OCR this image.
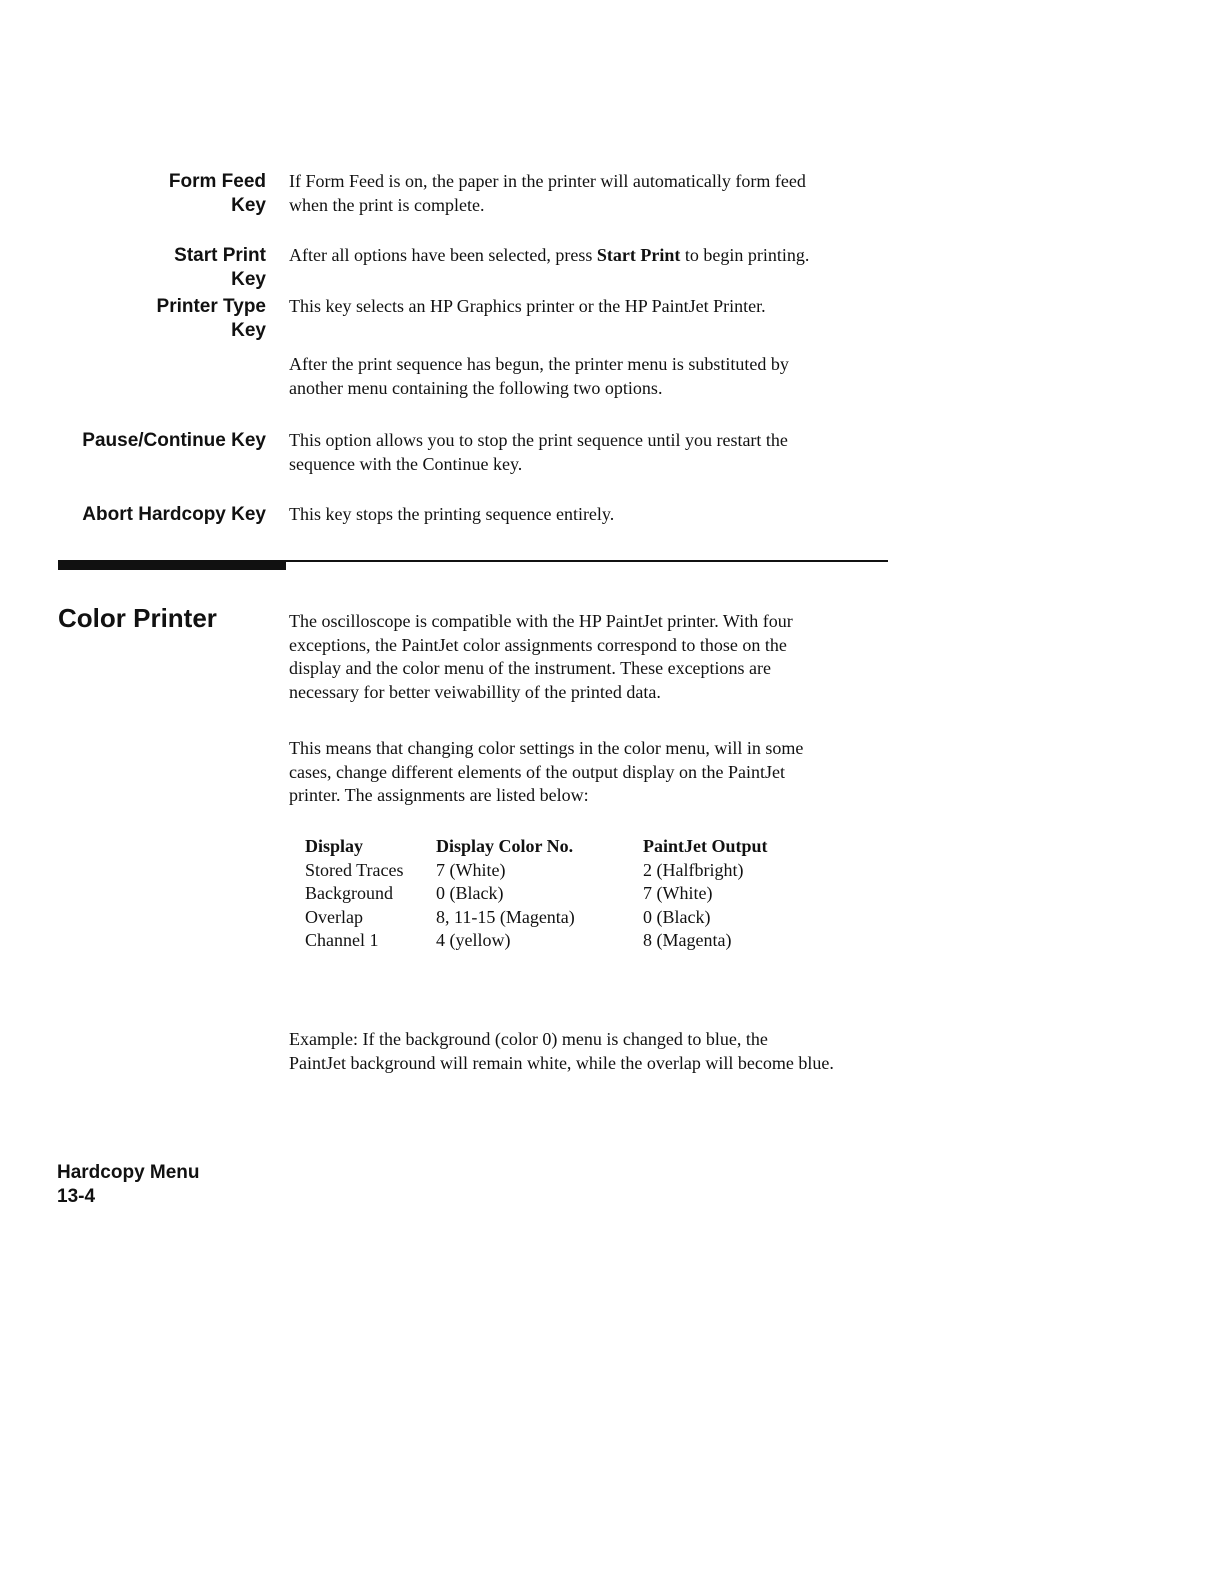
Form Feed
Key
If Form Feed is on, the paper in the printer will automatically form feed
when the print is complete.
Start Print
Key
After all options have been selected, press Start Print to begin printing.
Printer Type
Key
This key selects an HP Graphics printer or the HP PaintJet Printer.
After the print sequence has begun, the printer menu is substituted by
another menu containing the following two options.
Pause/Continue Key This option allows you to stop the print sequence until you restart the
sequence with the Continue key.
Abort Hardcopy Key This key stops the printing sequence entirely.
Color Printer	The oscilloscope is compatible with the HP PaintJet printer. With four
exceptions, the PaintJet color assignments correspond to those on the
display and the color menu of the instrument. These exceptions are
necessary for better veiwabillity of the printed data.
This means that changing color settings in the color menu, will in some
cases, change different elements of the output display on the PaintJet
printer. The assignments are listed below:
Display	Display Color No.	PaintJet Output
Stored Traces	7 (White)	2 (Halfbright)
Background	0 (Black)	7 (White)
Overlap	8, 11-15 (Magenta)	0 (Black)
Channel 1	4 (yellow)	8 (Magenta)
Example: If the background (color 0) menu is changed to blue, the
PaintJet background will remain white, while the overlap will become blue.
Hardcopy Menu
13-4
